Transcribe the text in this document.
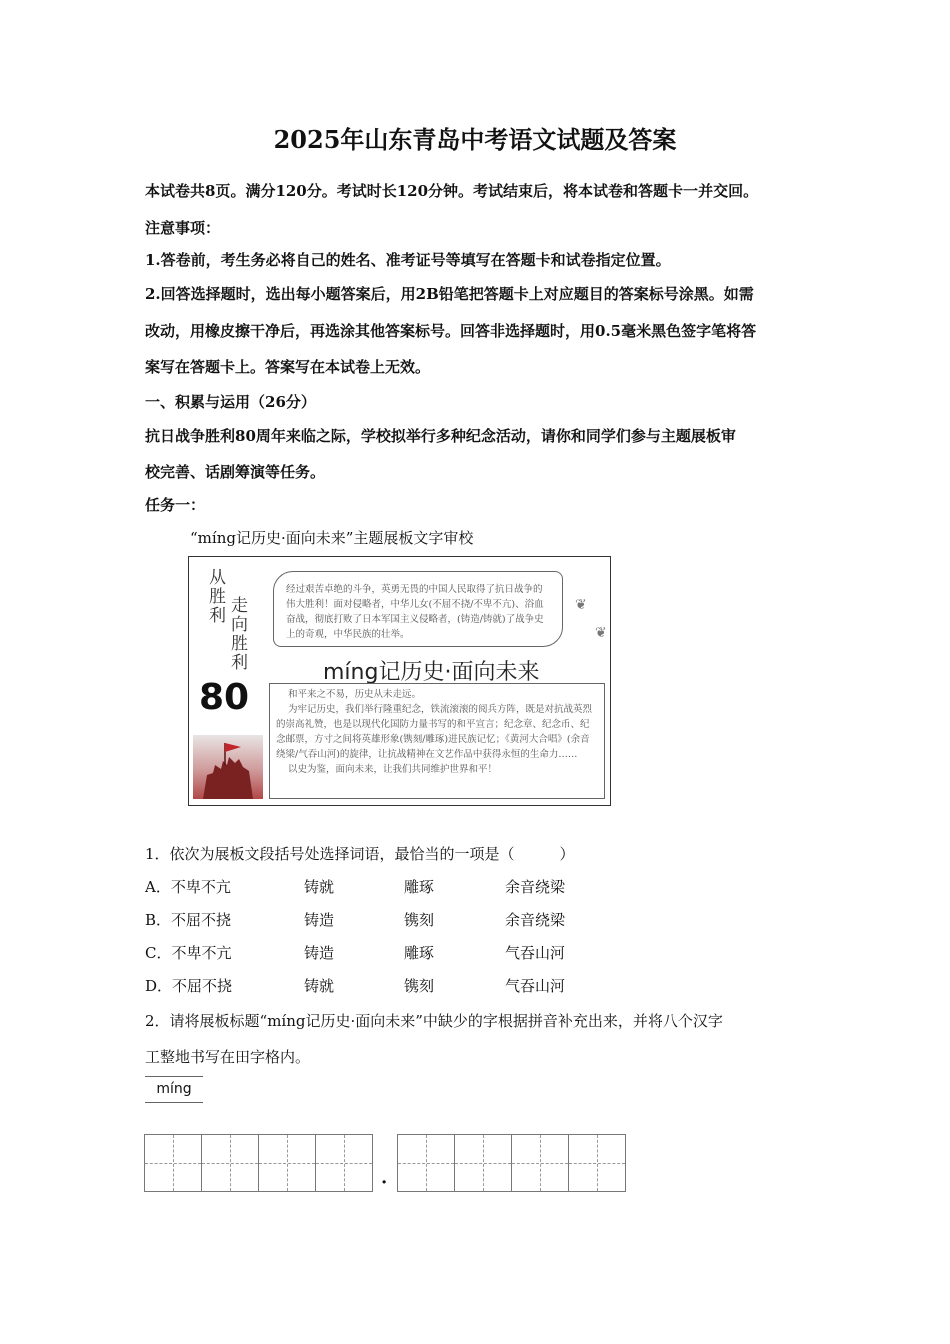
2025年山东青岛中考语文试题及答案
本试卷共8页。满分120分。考试时长120分钟。考试结束后，将本试卷和答题卡一并交回。
注意事项：
1.答卷前，考生务必将自己的姓名、准考证号等填写在答题卡和试卷指定位置。
2.回答选择题时，选出每小题答案后，用2B铅笔把答题卡上对应题目的答案标号涂黑。如需
改动，用橡皮擦干净后，再选涂其他答案标号。回答非选择题时，用0.5毫米黑色签字笔将答
案写在答题卡上。答案写在本试卷上无效。
一、积累与运用（26分）
抗日战争胜利80周年来临之际，学校拟举行多种纪念活动，请你和同学们参与主题展板审
校完善、话剧筹演等任务。
任务一：
“míng记历史·面向未来”主题展板文字审校
从胜利 走向胜利
80
经过艰苦卓绝的斗争，英勇无畏的中国人民取得了抗日战争的伟大胜利！面对侵略者，中华儿女(不屈不挠/不卑不亢)、浴血奋战，彻底打败了日本军国主义侵略者，(铸造/铸就)了战争史上的奇观，中华民族的壮举。
❦
❦
míng记历史·面向未来
和平来之不易，历史从未走远。
为牢记历史，我们举行隆重纪念，铁流滚滚的阅兵方阵，既是对抗战英烈的崇高礼赞，也是以现代化国防力量书写的和平宣言；纪念章、纪念币、纪念邮票，方寸之间将英雄形象(镌刻/雕琢)进民族记忆；《黄河大合唱》(余音绕梁/气吞山河)的旋律，让抗战精神在文艺作品中获得永恒的生命力……
以史为鉴，面向未来，让我们共同维护世界和平！
1．依次为展板文段括号处选择词语，最恰当的一项是（　　　）
A．不卑不亢	铸就	雕琢	余音绕梁
B．不屈不挠	铸造	镌刻	余音绕梁
C．不卑不亢	铸造	雕琢	气吞山河
D．不屈不挠	铸就	镌刻	气吞山河
2．请将展板标题“míng记历史·面向未来”中缺少的字根据拼音补充出来，并将八个汉字
工整地书写在田字格内。
míng
·
